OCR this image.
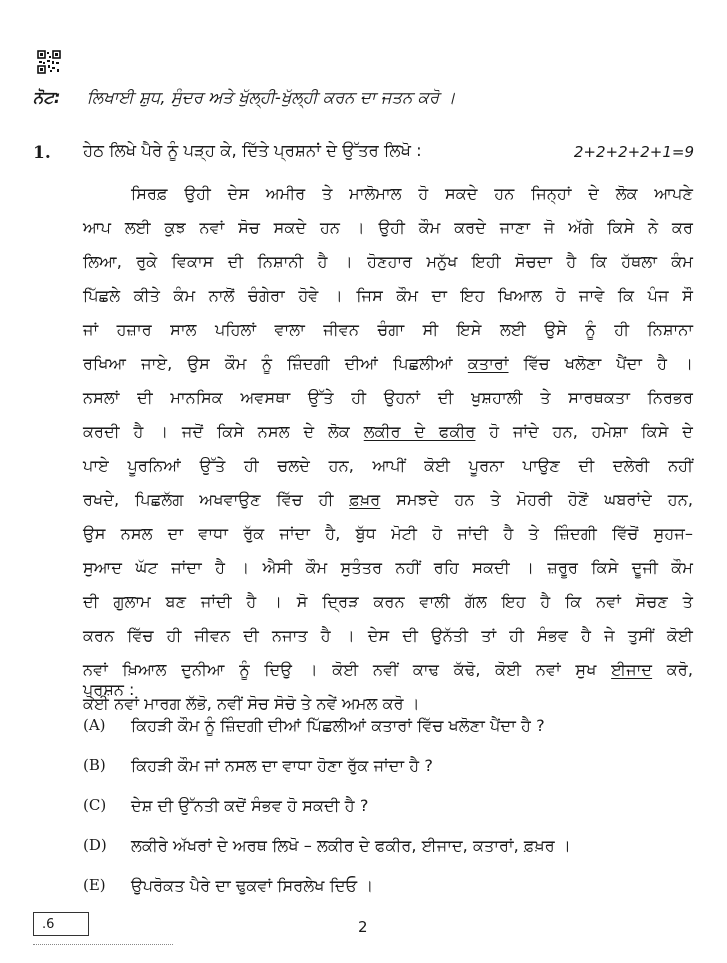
ਨੋਟ: ਲਿਖਾਈ ਸ਼ੁਧ, ਸੁੰਦਰ ਅਤੇ ਖੁੱਲ੍ਹੀ-ਖੁੱਲ੍ਹੀ ਕਰਨ ਦਾ ਜਤਨ ਕਰੋ ।
1. ਹੇਠ ਲਿਖੇ ਪੈਰੇ ਨੂੰ ਪੜ੍ਹ ਕੇ, ਦਿੱਤੇ ਪ੍ਰਸ਼ਨਾਂ ਦੇ ਉੱਤਰ ਲਿਖੋ :	2+2+2+2+1=9
ਸਿਰਫ਼ ਉਹੀ ਦੇਸ ਅਮੀਰ ਤੇ ਮਾਲੋਮਾਲ ਹੋ ਸਕਦੇ ਹਨ ਜਿਨ੍ਹਾਂ ਦੇ ਲੋਕ ਆਪਣੇ
ਆਪ ਲਈ ਕੁਝ ਨਵਾਂ ਸੋਚ ਸਕਦੇ ਹਨ । ਉਹੀ ਕੌਮ ਕਰਦੇ ਜਾਣਾ ਜੋ ਅੱਗੇ ਕਿਸੇ ਨੇ ਕਰ
ਲਿਆ, ਰੁਕੇ ਵਿਕਾਸ ਦੀ ਨਿਸ਼ਾਨੀ ਹੈ । ਹੋਣਹਾਰ ਮਨੁੱਖ ਇਹੀ ਸੋਚਦਾ ਹੈ ਕਿ ਹੱਥਲਾ ਕੰਮ
ਪਿੱਛਲੇ ਕੀਤੇ ਕੰਮ ਨਾਲੋਂ ਚੰਗੇਰਾ ਹੋਵੇ । ਜਿਸ ਕੌਮ ਦਾ ਇਹ ਖਿਆਲ ਹੋ ਜਾਵੇ ਕਿ ਪੰਜ ਸੌ
ਜਾਂ ਹਜ਼ਾਰ ਸਾਲ ਪਹਿਲਾਂ ਵਾਲਾ ਜੀਵਨ ਚੰਗਾ ਸੀ ਇਸੇ ਲਈ ਉਸੇ ਨੂੰ ਹੀ ਨਿਸ਼ਾਨਾ
ਰਖਿਆ ਜਾਏ, ਉਸ ਕੌਮ ਨੂੰ ਜ਼ਿੰਦਗੀ ਦੀਆਂ ਪਿਛਲੀਆਂ ਕਤਾਰਾਂ ਵਿੱਚ ਖਲੋਣਾ ਪੈਂਦਾ ਹੈ ।
ਨਸਲਾਂ ਦੀ ਮਾਨਸਿਕ ਅਵਸਥਾ ਉੱਤੇ ਹੀ ਉਹਨਾਂ ਦੀ ਖੁਸ਼ਹਾਲੀ ਤੇ ਸਾਰਥਕਤਾ ਨਿਰਭਰ
ਕਰਦੀ ਹੈ । ਜਦੋਂ ਕਿਸੇ ਨਸਲ ਦੇ ਲੋਕ ਲਕੀਰ ਦੇ ਫਕੀਰ ਹੋ ਜਾਂਦੇ ਹਨ, ਹਮੇਸ਼ਾ ਕਿਸੇ ਦੇ
ਪਾਏ ਪੂਰਨਿਆਂ ਉੱਤੇ ਹੀ ਚਲਦੇ ਹਨ, ਆਪੀਂ ਕੋਈ ਪੂਰਨਾ ਪਾਉਣ ਦੀ ਦਲੇਰੀ ਨਹੀਂ
ਰਖਦੇ, ਪਿਛਲੱਗ ਅਖਵਾਉਣ ਵਿੱਚ ਹੀ ਫ਼ਖ਼ਰ ਸਮਝਦੇ ਹਨ ਤੇ ਮੋਹਰੀ ਹੋਣੋਂ ਘਬਰਾਂਦੇ ਹਨ,
ਉਸ ਨਸਲ ਦਾ ਵਾਧਾ ਰੁੱਕ ਜਾਂਦਾ ਹੈ, ਬੁੱਧ ਮੋਟੀ ਹੋ ਜਾਂਦੀ ਹੈ ਤੇ ਜ਼ਿੰਦਗੀ ਵਿੱਚੋਂ ਸੁਹਜ–
ਸੁਆਦ ਘੱਟ ਜਾਂਦਾ ਹੈ । ਐਸੀ ਕੌਮ ਸੁਤੰਤਰ ਨਹੀਂ ਰਹਿ ਸਕਦੀ । ਜ਼ਰੂਰ ਕਿਸੇ ਦੂਜੀ ਕੌਮ
ਦੀ ਗੁਲਾਮ ਬਣ ਜਾਂਦੀ ਹੈ । ਸੋ ਦ੍ਰਿੜ ਕਰਨ ਵਾਲੀ ਗੱਲ ਇਹ ਹੈ ਕਿ ਨਵਾਂ ਸੋਚਣ ਤੇ
ਕਰਨ ਵਿੱਚ ਹੀ ਜੀਵਨ ਦੀ ਨਜਾਤ ਹੈ । ਦੇਸ ਦੀ ਉਨੱਤੀ ਤਾਂ ਹੀ ਸੰਭਵ ਹੈ ਜੇ ਤੁਸੀਂ ਕੋਈ
ਨਵਾਂ ਖ਼ਿਆਲ ਦੁਨੀਆ ਨੂੰ ਦਿਉ । ਕੋਈ ਨਵੀਂ ਕਾਢ ਕੱਢੋ, ਕੋਈ ਨਵਾਂ ਸੁਖ ਈਜਾਦ ਕਰੋ,
ਕੋਈ ਨਵਾਂ ਮਾਰਗ ਲੱਭੋ, ਨਵੀਂ ਸੋਚ ਸੋਚੋ ਤੇ ਨਵੇਂ ਅਮਲ ਕਰੋ ।
ਪ੍ਰਸ਼ਨ :
(A)	ਕਿਹੜੀ ਕੌਮ ਨੂੰ ਜ਼ਿੰਦਗੀ ਦੀਆਂ ਪਿੱਛਲੀਆਂ ਕਤਾਰਾਂ ਵਿੱਚ ਖਲੋਣਾ ਪੈਂਦਾ ਹੈ ?
(B)	ਕਿਹੜੀ ਕੌਮ ਜਾਂ ਨਸਲ ਦਾ ਵਾਧਾ ਹੋਣਾ ਰੁੱਕ ਜਾਂਦਾ ਹੈ ?
(C)	ਦੇਸ਼ ਦੀ ਉੱਨਤੀ ਕਦੋਂ ਸੰਭਵ ਹੋ ਸਕਦੀ ਹੈ ?
(D)	ਲਕੀਰੇ ਅੱਖਰਾਂ ਦੇ ਅਰਥ ਲਿਖੋ – ਲਕੀਰ ਦੇ ਫਕੀਰ, ਈਜਾਦ, ਕਤਾਰਾਂ, ਫ਼ਖ਼ਰ ।
(E)	ਉਪਰੋਕਤ ਪੈਰੇ ਦਾ ਢੁਕਵਾਂ ਸਿਰਲੇਖ ਦਿਓ ।
.6	2
